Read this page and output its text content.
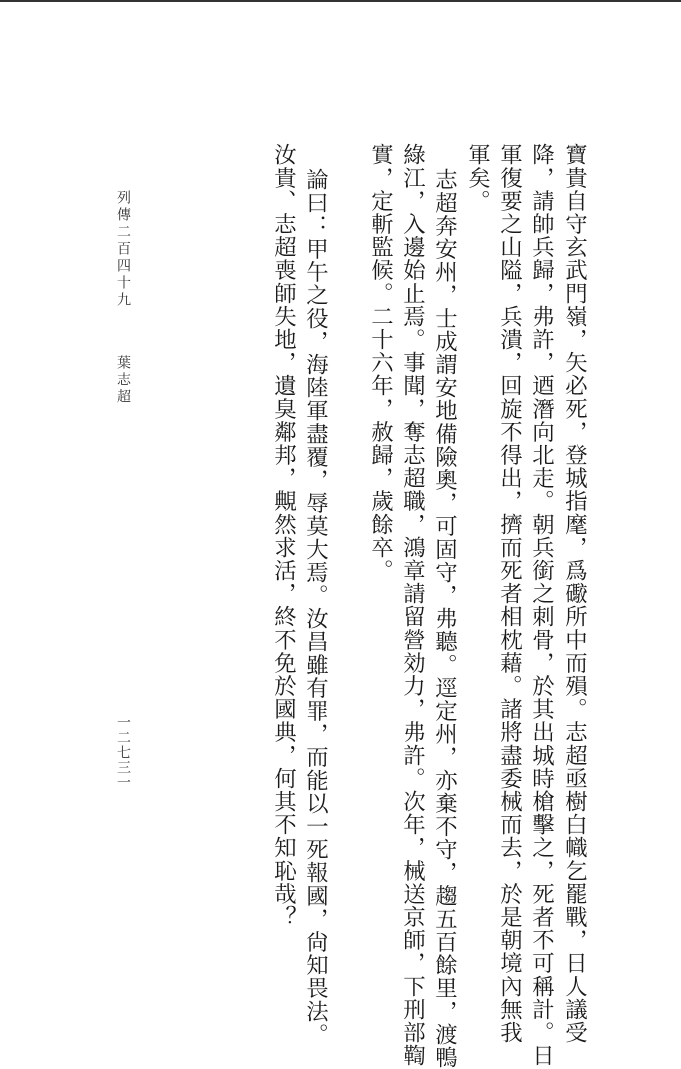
寶貴自守玄武門嶺，矢必死，登城指麾，爲礮所中而殞。志超亟樹白幟乞罷戰，日人議受
降，請帥兵歸，弗許，迺潛向北走。朝兵銜之刺骨，於其出城時槍擊之，死者不可稱計。日
軍復要之山隘，兵潰，回旋不得出，擠而死者相枕藉。諸將盡委械而去，於是朝境內無我
軍矣。
志超奔安州，士成謂安地備險奧，可固守，弗聽。逕定州，亦棄不守，趨五百餘里，渡鴨
綠江，入邊始止焉。事聞，奪志超職，鴻章請留營効力，弗許。次年，械送京師，下刑部鞫
實，定斬監候。二十六年，赦歸，歲餘卒。
論曰：甲午之役，海陸軍盡覆，辱莫大焉。汝昌雖有罪，而能以一死報國，尙知畏法。
汝貴、志超喪師失地，遺臭鄰邦，覥然求活，終不免於國典，何其不知恥哉？
列傳二百四十九
葉志超
一二七三一
